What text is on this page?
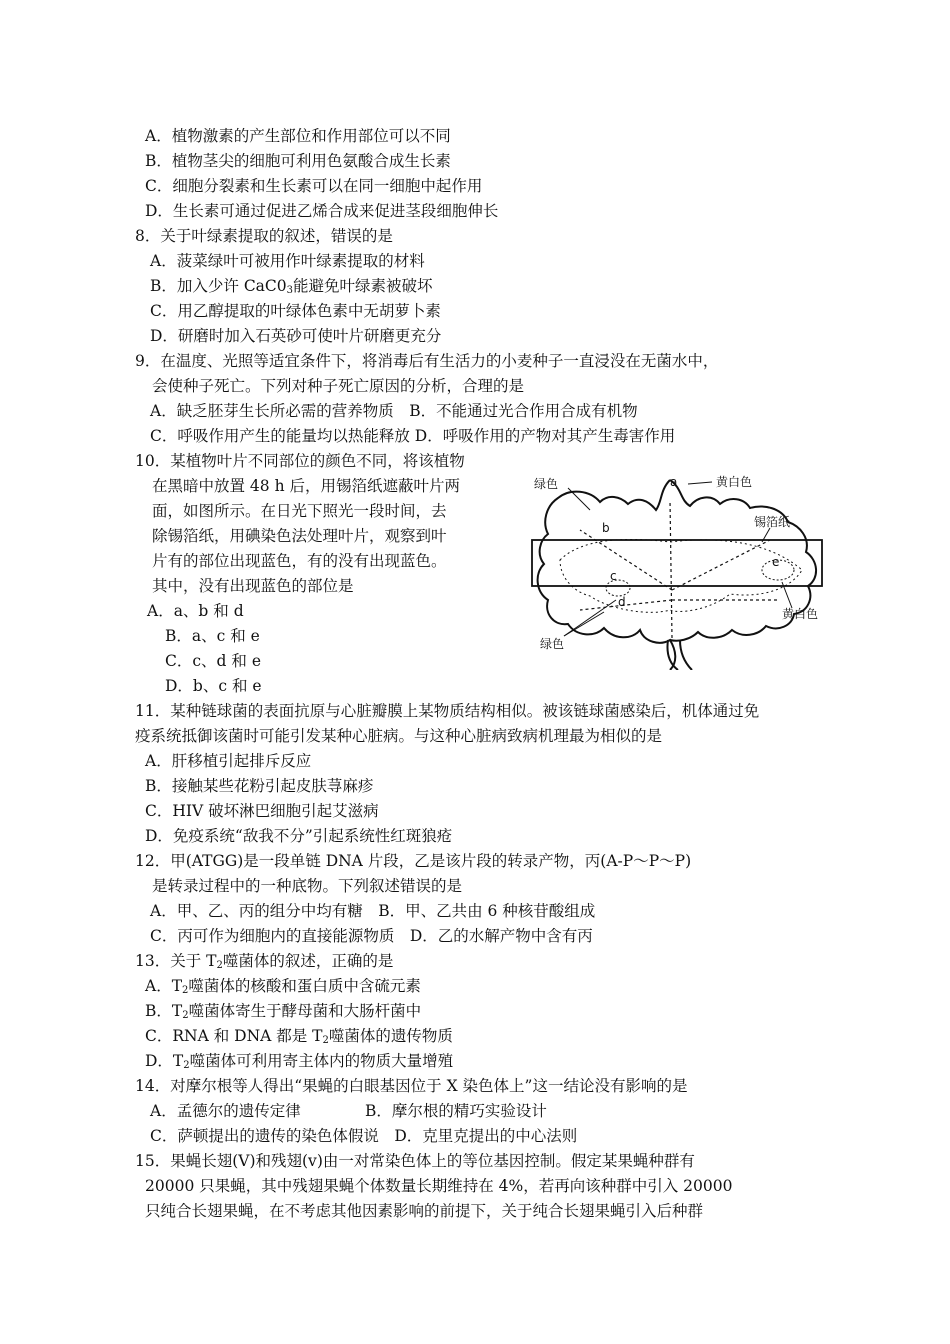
A．植物激素的产生部位和作用部位可以不同
B．植物茎尖的细胞可利用色氨酸合成生长素
C．细胞分裂素和生长素可以在同一细胞中起作用
D．生长素可通过促进乙烯合成来促进茎段细胞伸长
8．关于叶绿素提取的叙述，错误的是
A．菠菜绿叶可被用作叶绿素提取的材料
B．加入少许 $CaC0_3$能避免叶绿素被破坏
C．用乙醇提取的叶绿体色素中无胡萝卜素
D．研磨时加入石英砂可使叶片研磨更充分
9．在温度、光照等适宜条件下，将消毒后有生活力的小麦种子一直浸没在无菌水中，
会使种子死亡。下列对种子死亡原因的分析，合理的是
A．缺乏胚芽生长所必需的营养物质　B．不能通过光合作用合成有机物
C．呼吸作用产生的能量均以热能释放 D．呼吸作用的产物对其产生毒害作用
10．某植物叶片不同部位的颜色不同，将该植物
在黑暗中放置 48 h 后，用锡箔纸遮蔽叶片两
面，如图所示。在日光下照光一段时间，去
除锡箔纸，用碘染色法处理叶片，观察到叶
片有的部位出现蓝色，有的没有出现蓝色。
其中，没有出现蓝色的部位是
A．a、b 和 d
B．a、c 和 e
C．c、d 和 e
D．b、c 和 e
绿色	黄白色
锡箔纸
黄白色
绿色
a
b
c
d
e
11．某种链球菌的表面抗原与心脏瓣膜上某物质结构相似。被该链球菌感染后，机体通过免
疫系统抵御该菌时可能引发某种心脏病。与这种心脏病致病机理最为相似的是
A．肝移植引起排斥反应
B．接触某些花粉引起皮肤荨麻疹
C．HIV 破坏淋巴细胞引起艾滋病
D．免疫系统“敌我不分”引起系统性红斑狼疮
12．甲(ATGG)是一段单链 DNA 片段，乙是该片段的转录产物，丙(A-P～P～P)
是转录过程中的一种底物。下列叙述错误的是
A．甲、乙、丙的组分中均有糖　B．甲、乙共由 6 种核苷酸组成
C．丙可作为细胞内的直接能源物质　D．乙的水解产物中含有丙
13．关于 $T_2$噬菌体的叙述，正确的是
A．$T_2$噬菌体的核酸和蛋白质中含硫元素
B．$T_2$噬菌体寄生于酵母菌和大肠杆菌中
C．RNA 和 DNA 都是 $T_2$噬菌体的遗传物质
D．$T_2$噬菌体可利用寄主体内的物质大量增殖
14．对摩尔根等人得出“果蝇的白眼基因位于 X 染色体上”这一结论没有影响的是
A．孟德尔的遗传定律	B．摩尔根的精巧实验设计
C．萨顿提出的遗传的染色体假说　D．克里克提出的中心法则
15．果蝇长翅(V)和残翅(v)由一对常染色体上的等位基因控制。假定某果蝇种群有
20000 只果蝇，其中残翅果蝇个体数量长期维持在 4%，若再向该种群中引入 20000
只纯合长翅果蝇，在不考虑其他因素影响的前提下，关于纯合长翅果蝇引入后种群
